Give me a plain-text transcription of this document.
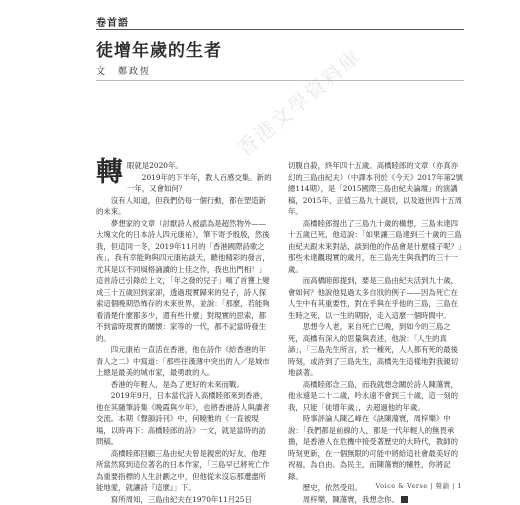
卷首語
徒增年歲的生者
文　鄭政恆	香港文學資料庫
轉 眼就是2020年。

2019年的下半年，教人百感交集。新的一年，又會如何？

沒有人知道，但我們仍每一個行動，都在塑造新的未來。

夢想家的文章（討厭詩人被認為是超然物外——大塊文化的日本詩人四元康祐），筆下寄予殷殷，然後我，但這同一冬，2019年11月的「香港國際詩歌之夜」，我有幸能夠與四元康祐談天，聽他精彩的發言，尤其是以不同風格誦讀的上佳之作，我也出門相！」這首詩已引錄於上文，「年之發的兒子」嘆了首獲上變成三十五歲回到家卻，透過現實歸來的兒子，詩人探索這個晚期恐怖存的未來世界，並說：「那麼，若能夠看清楚什麼都多少，還有些什麼」對現實的思索，都不到當時現實的關懷：家等的一代，都不記當時發生的。

四元康祐一直活在香港，他在詩作《給香港的年青人之二》中寫道：「那些往漢薄中突出的人／是城市上總是最美的城市家，最勇敢的人。

香港的年輕人，是為了更好的未來而戰。

2019年9月，日本當代詩人高橋睦郎來到香港，他在其隨筆詩集《晚霞與少年》，也將香港詩人與讀者交流。本期《聲韻詩刊》中，何曉雅的《一直被現場，以時再下：高橋睦郎的詩》一文，就是當時的訪問稿。

高橋睦郎回顧三島由紀夫曾是親密的好友，他理所當然寫到這位著名的日本作家，「三島早已將死亡作為重要指標的人生計劃之中，但他從未沒忘那遭盡所能地愛，就讓詩『這麼』」下。

寫所周知，三島由紀夫在1970年11月25日

切腹自殺，終年四十五歲。高橋睦郎的文章（亦真亦幻的三島由紀夫）（中譯本刊於《今天》2017年第2號總114期），是「2015國際三島由紀夫論壇」的演講稿，2015年，正值三島九十誕辰，以及逝世四十五周年。

高橋睦郎提出了三島九十歲的構想，三島未達四十五歲已死，他這說：「如果讓三島達到三十歲的三島由紀夫跟未來對話，談到他的作品會是什麼樣子呢？」那些未達觀現實的歲月，在三島先生與我們的三十一歲。

而高橋睦郎提到，要是三島由紀夫活到九十歲，會如何？他說他見過太多自戕的例子——因為死亡在人生中有其重要性，對在乎與在乎他的三島，三島在生時之死，以一生的期盼，走入這麼一個時間中。

思想今人老，來自死亡已晚，到如今的三島之死，高橋有深入的思量與表述，他說：「人生的真諦」，「三島先生所言，於一種死，人人都有死的最後時刻，或許到了三島先生，高橋先生這樣地對我親切地談著。

高橋睦郎念三島，而我就想念關於詩人陳蕩寰，他永遠是二十二歲，吟永遠不會到三十歲，這一刻的我，只能「徒增年歲」，去超過他的年歲。

時事評論人陳乙峰在《訣陳蕩寰，周梓樂》中說：「我們都是前線的人，都是一代年輕人的無畏承擔，是香港人在危機中接受著歷史的大時代，教師的時刻更新，在一個無限的可能中將給這社會最美好的祝福，為自由、為民主，而陳蕩寰的犧牲，你將記錄。

歷史，依然受用。

周梓樂，陳蕩寰，我想念你。

Voice & Verse | 聲韻 | 1
